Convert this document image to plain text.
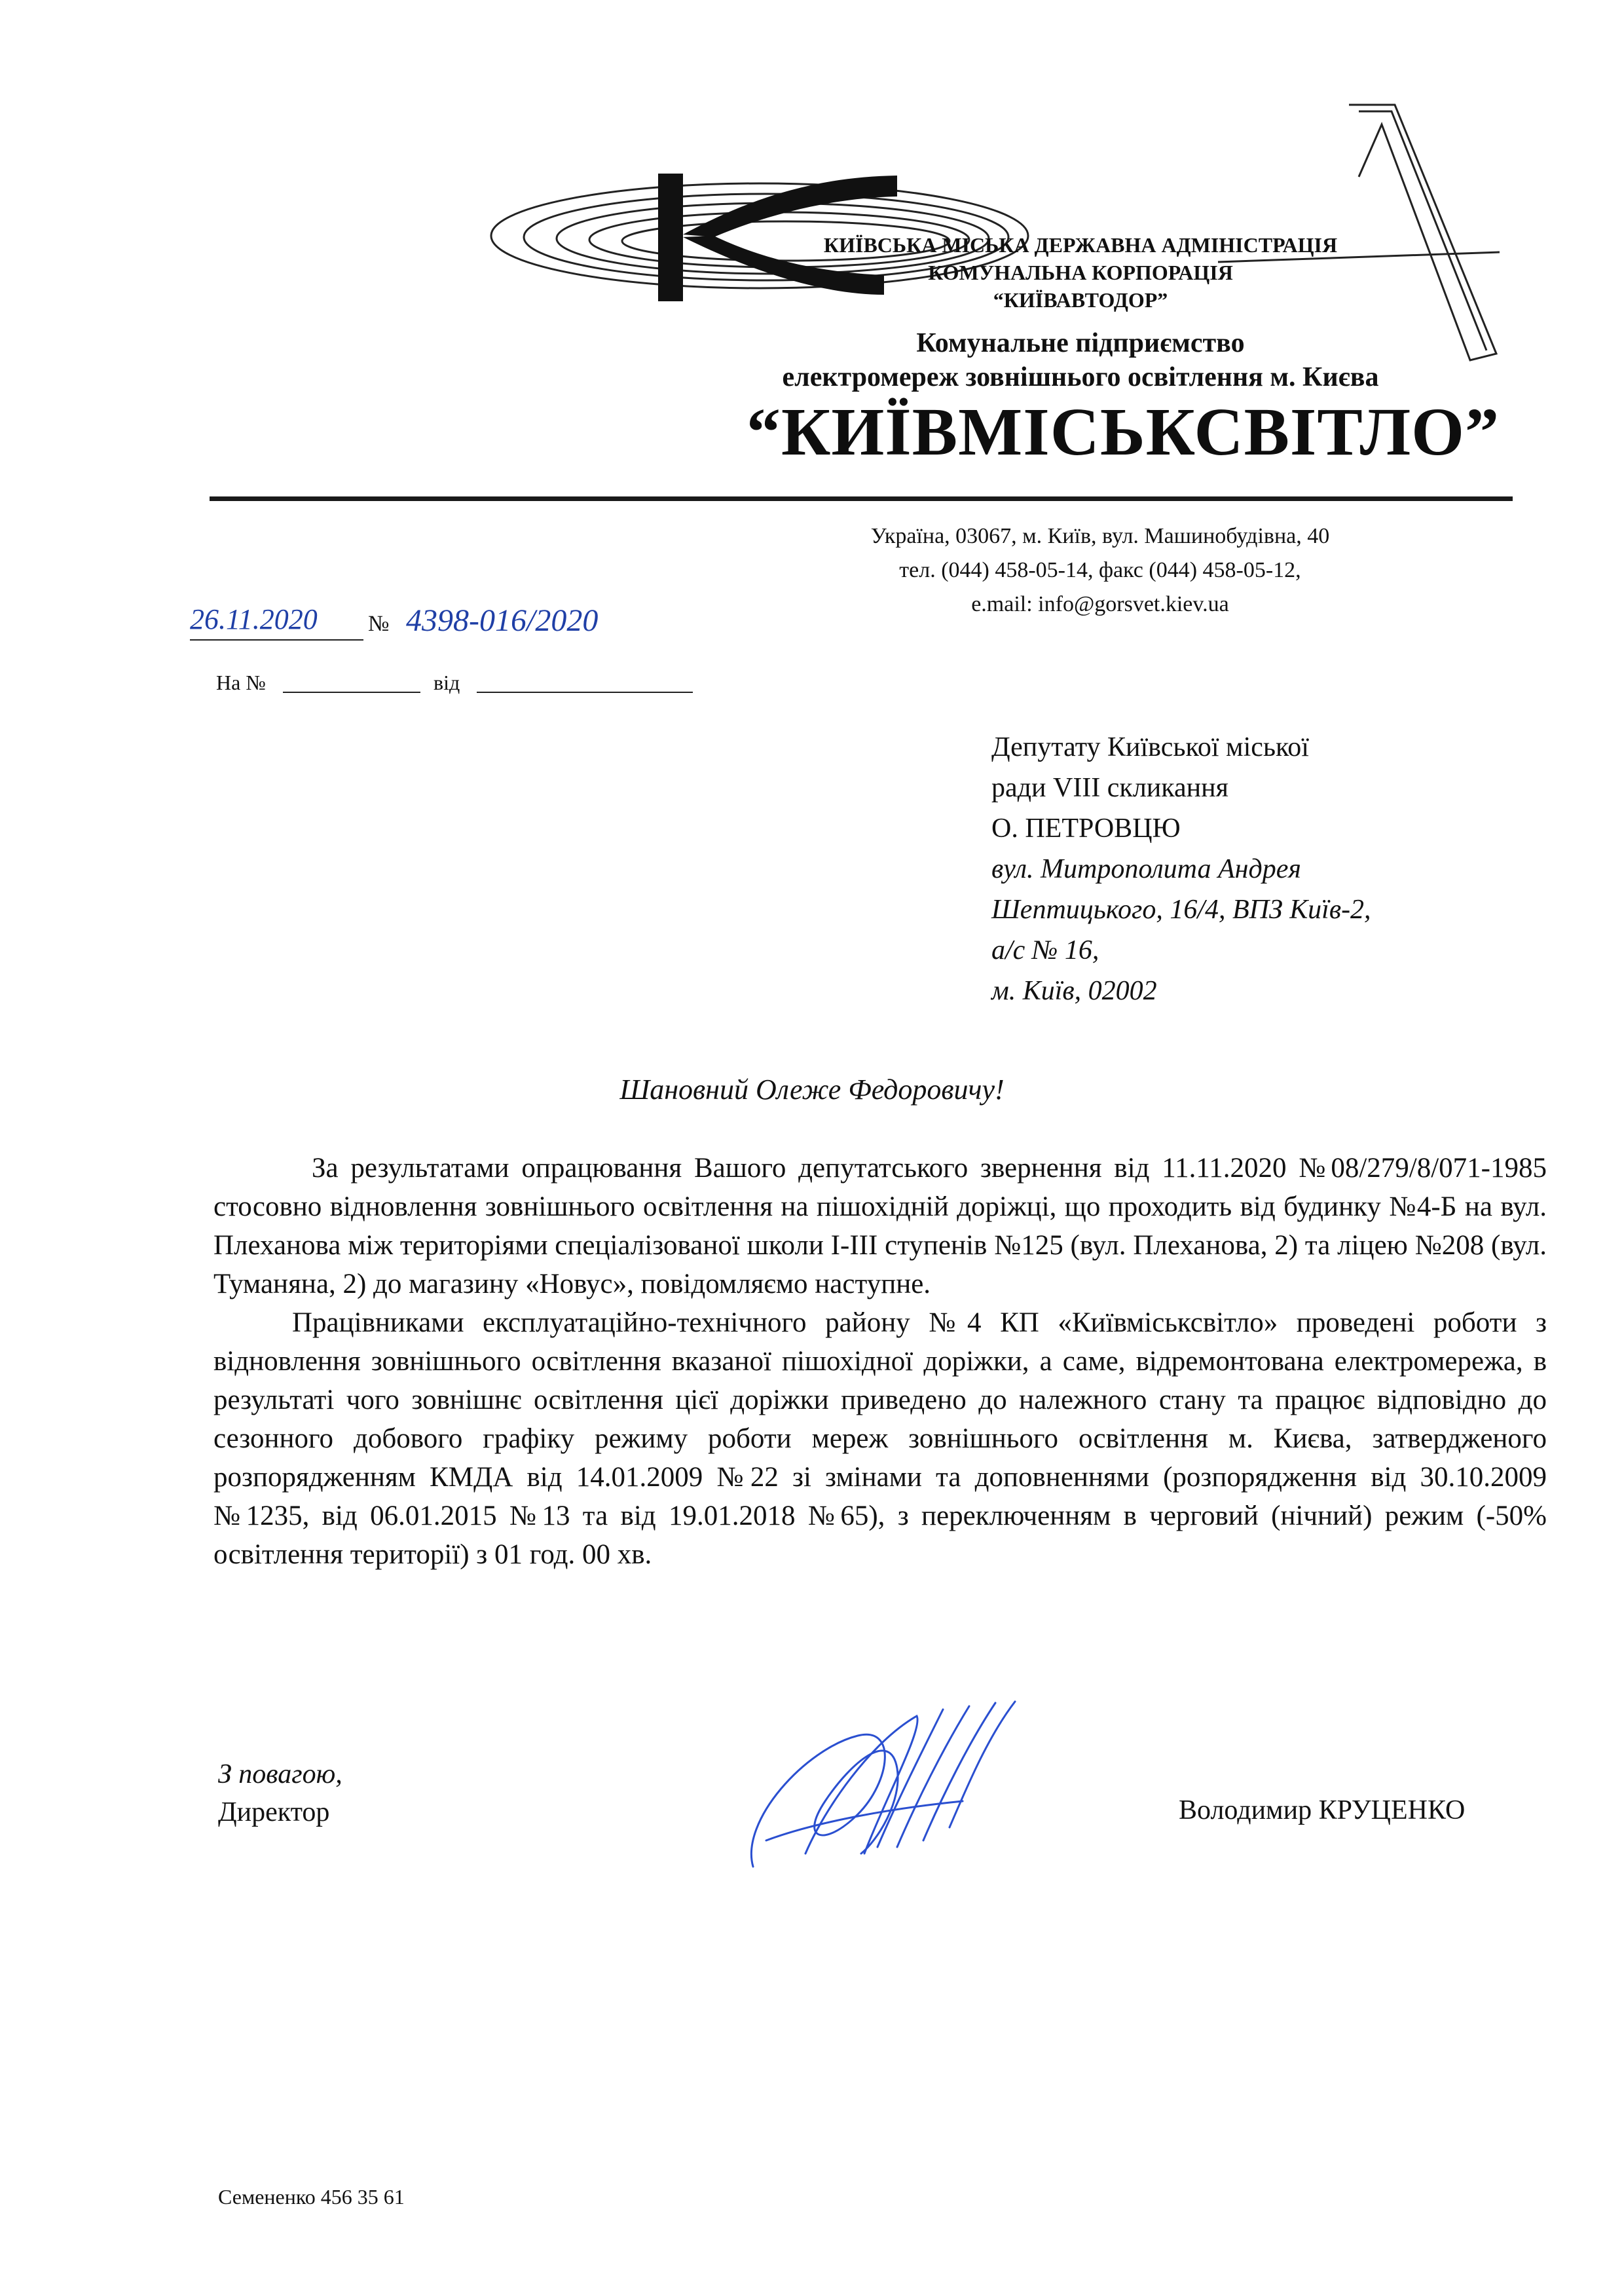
КИЇВСЬКА МІСЬКА ДЕРЖАВНА АДМІНІСТРАЦІЯ
КОМУНАЛЬНА КОРПОРАЦІЯ
“КИЇВАВТОДОР”
Комунальне підприємство
електромереж зовнішнього освітлення м. Києва
“КИЇВМІСЬКСВІТЛО”
Україна, 03067, м. Київ, вул. Машинобудівна, 40
тел. (044) 458-05-14, факс (044) 458-05-12,
e.mail: info@gorsvet.kiev.ua
26.11.2020	№ 4398-016/2020
На №	від
Депутату Київської міської
ради VIII скликання
О. ПЕТРОВЦЮ
вул. Митрополита Андрея
Шептицького, 16/4, ВПЗ Київ-2,
а/с № 16,
м. Київ, 02002
Шановний Олеже Федоровичу!

За результатами опрацювання Вашого депутатського звернення від 11.11.2020 №08/279/8/071-1985 стосовно відновлення зовнішнього освітлення на пішохідній доріжці, що проходить від будинку №4-Б на вул. Плеханова між територіями спеціалізованої школи І-ІІІ ступенів №125 (вул. Плеханова, 2) та ліцею №208 (вул. Туманяна, 2) до магазину «Новус», повідомляємо наступне.

Працівниками експлуатаційно-технічного району №4 КП «Київміськсвітло» проведені роботи з відновлення зовнішнього освітлення вказаної пішохідної доріжки, а саме, відремонтована електромережа, в результаті чого зовнішнє освітлення цієї доріжки приведено до належного стану та працює відповідно до сезонного добового графіку режиму роботи мереж зовнішнього освітлення м. Києва, затвердженого розпорядженням КМДА від 14.01.2009 №22 зі змінами та доповненнями (розпорядження від 30.10.2009 №1235, від 06.01.2015 №13 та від 19.01.2018 №65), з переключенням в черговий (нічний) режим (-50% освітлення території) з 01 год. 00 хв.

З повагою,
Директор	Володимир КРУЦЕНКО
Семененко 456 35 61
